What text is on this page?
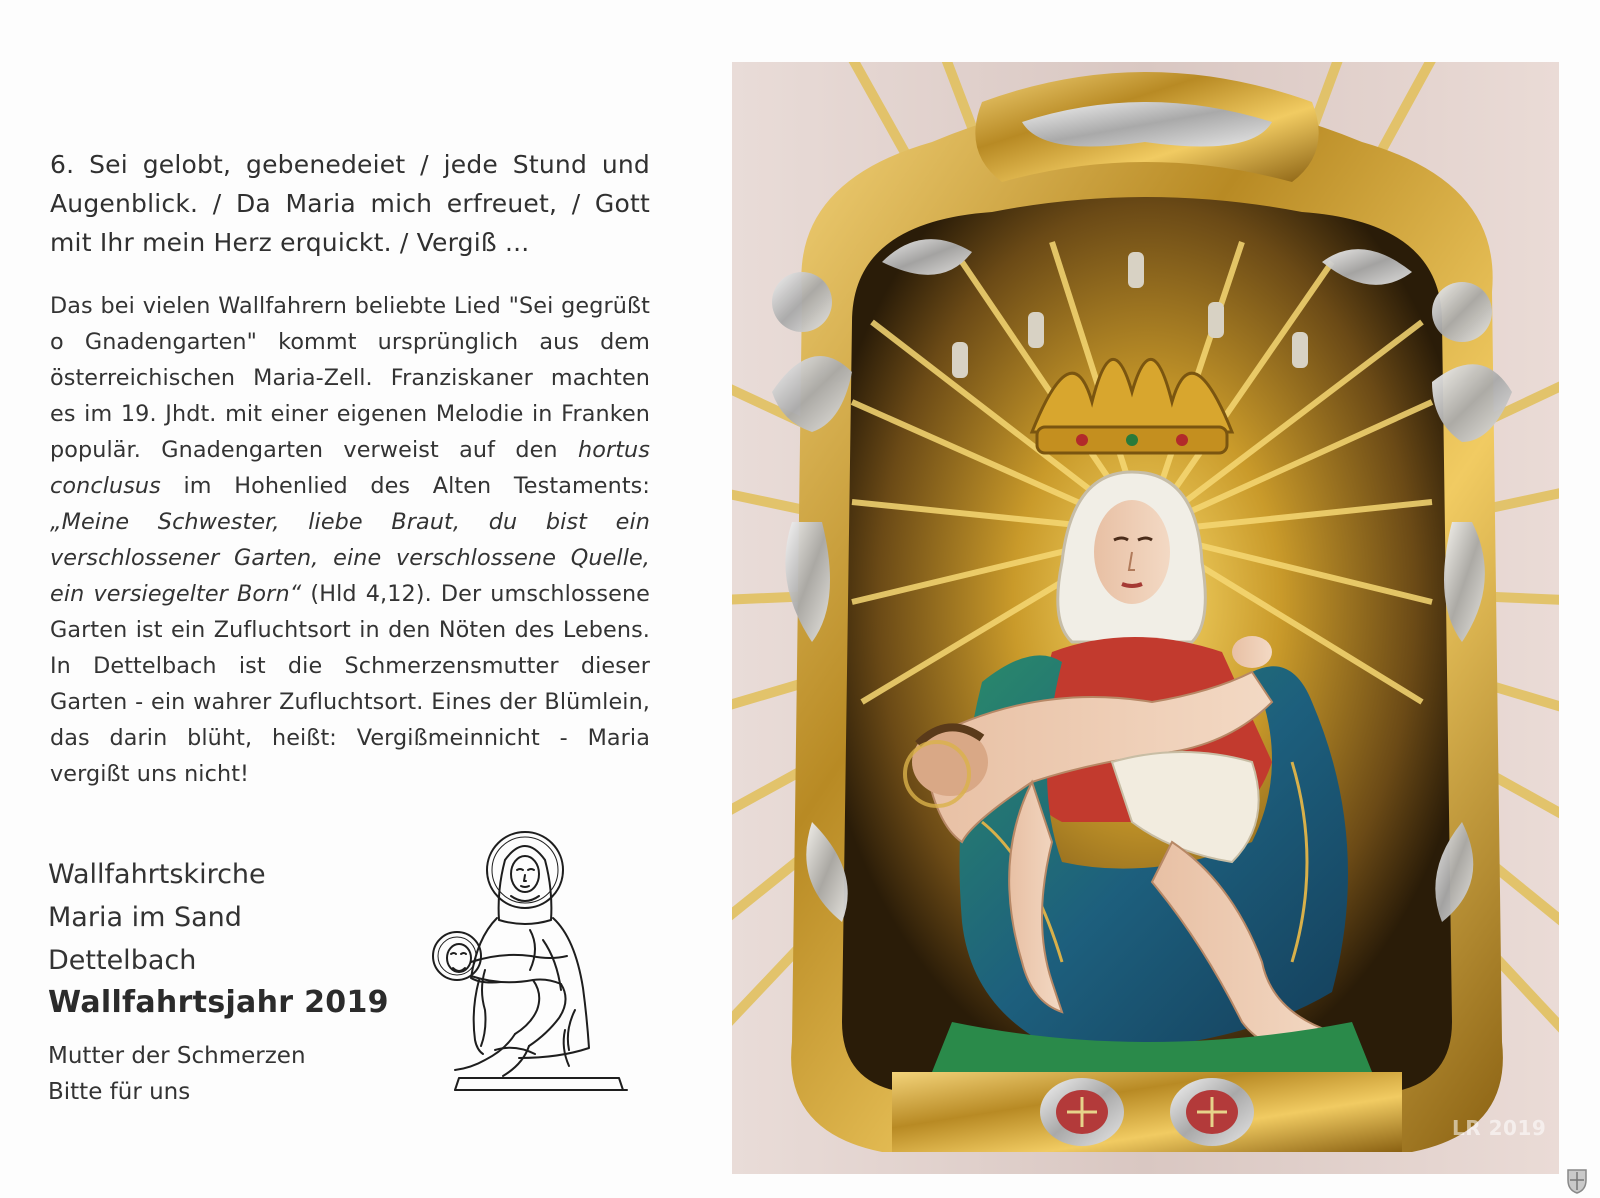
6. Sei gelobt, gebenedeiet / jede Stund und Augenblick. / Da Maria mich erfreuet, / Gott mit Ihr mein Herz erquickt. / Vergiß ...

Das bei vielen Wallfahrern beliebte Lied "Sei gegrüßt o Gnadengarten" kommt ursprünglich aus dem österreichischen Maria-Zell. Franziskaner machten es im 19. Jhdt. mit einer eigenen Melodie in Franken populär. Gnadengarten verweist auf den hortus conclusus im Hohenlied des Alten Testaments: „Meine Schwester, liebe Braut, du bist ein verschlossener Garten, eine verschlossene Quelle, ein versiegelter Born“ (Hld 4,12). Der umschlossene Garten ist ein Zufluchtsort in den Nöten des Lebens. In Dettelbach ist die Schmerzensmutter dieser Garten - ein wahrer Zufluchtsort. Eines der Blümlein, das darin blüht, heißt: Vergißmeinnicht - Maria vergißt uns nicht!

Wallfahrtskirche
Maria im Sand
Dettelbach
Wallfahrtsjahr 2019
Mutter der Schmerzen
Bitte für uns
LR 2019
